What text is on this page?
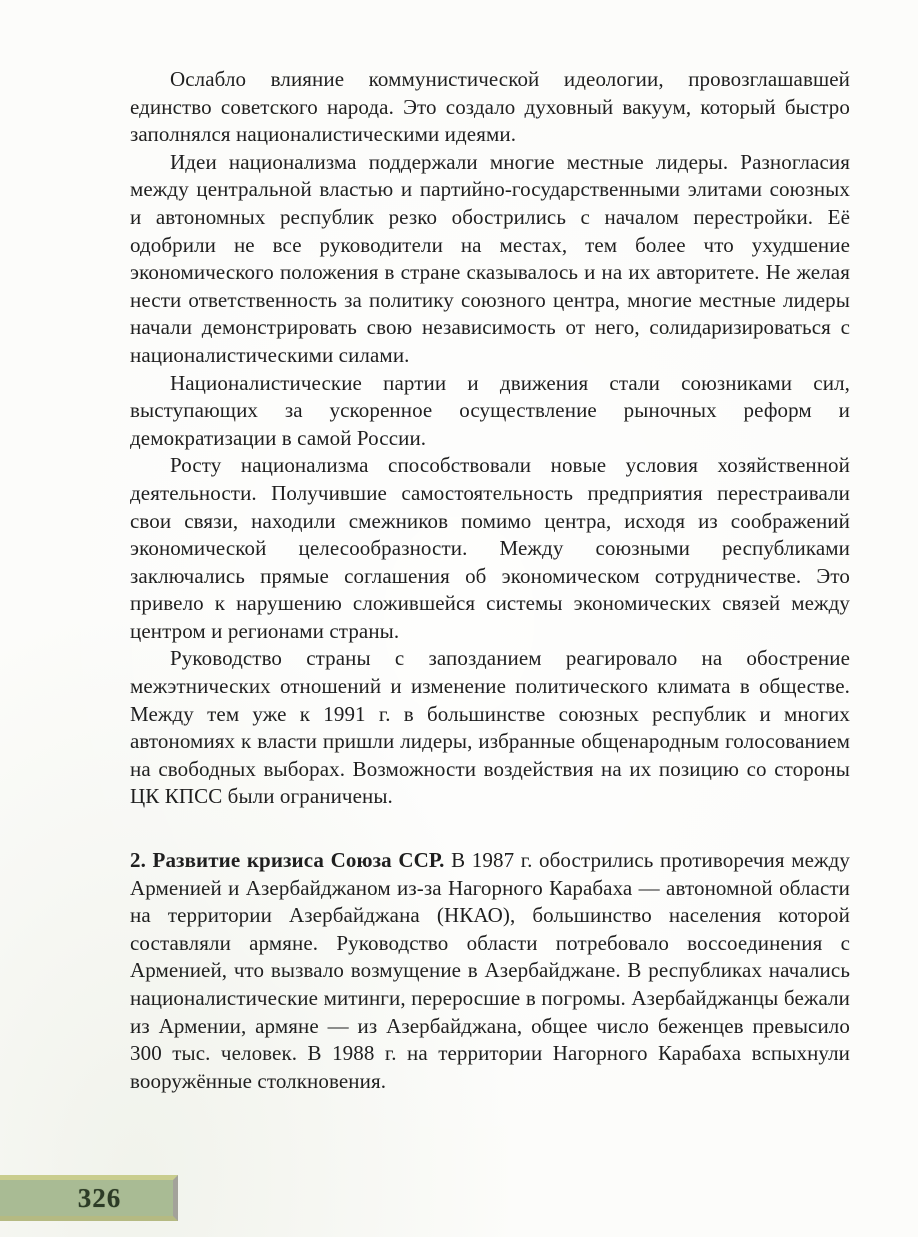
Ослабло влияние коммунистической идеологии, провозглашавшей единство советского народа. Это создало духовный вакуум, который быстро заполнялся националистическими идеями.

Идеи национализма поддержали многие местные лидеры. Разногласия между центральной властью и партийно-государственными элитами союзных и автономных республик резко обострились с началом перестройки. Её одобрили не все руководители на местах, тем более что ухудшение экономического положения в стране сказывалось и на их авторитете. Не желая нести ответственность за политику союзного центра, многие местные лидеры начали демонстрировать свою независимость от него, солидаризироваться с националистическими силами.

Националистические партии и движения стали союзниками сил, выступающих за ускоренное осуществление рыночных реформ и демократизации в самой России.

Росту национализма способствовали новые условия хозяйственной деятельности. Получившие самостоятельность предприятия перестраивали свои связи, находили смежников помимо центра, исходя из соображений экономической целесообразности. Между союзными республиками заключались прямые соглашения об экономическом сотрудничестве. Это привело к нарушению сложившейся системы экономических связей между центром и регионами страны.

Руководство страны с запозданием реагировало на обострение межэтнических отношений и изменение политического климата в обществе. Между тем уже к 1991 г. в большинстве союзных республик и многих автономиях к власти пришли лидеры, избранные общенародным голосованием на свободных выборах. Возможности воздействия на их позицию со стороны ЦК КПСС были ограничены.

2. Развитие кризиса Союза ССР. В 1987 г. обострились противоречия между Арменией и Азербайджаном из-за Нагорного Карабаха — автономной области на территории Азербайджана (НКАО), большинство населения которой составляли армяне. Руководство области потребовало воссоединения с Арменией, что вызвало возмущение в Азербайджане. В республиках начались националистические митинги, переросшие в погромы. Азербайджанцы бежали из Армении, армяне — из Азербайджана, общее число беженцев превысило 300 тыс. человек. В 1988 г. на территории Нагорного Карабаха вспыхнули вооружённые столкновения.

326
